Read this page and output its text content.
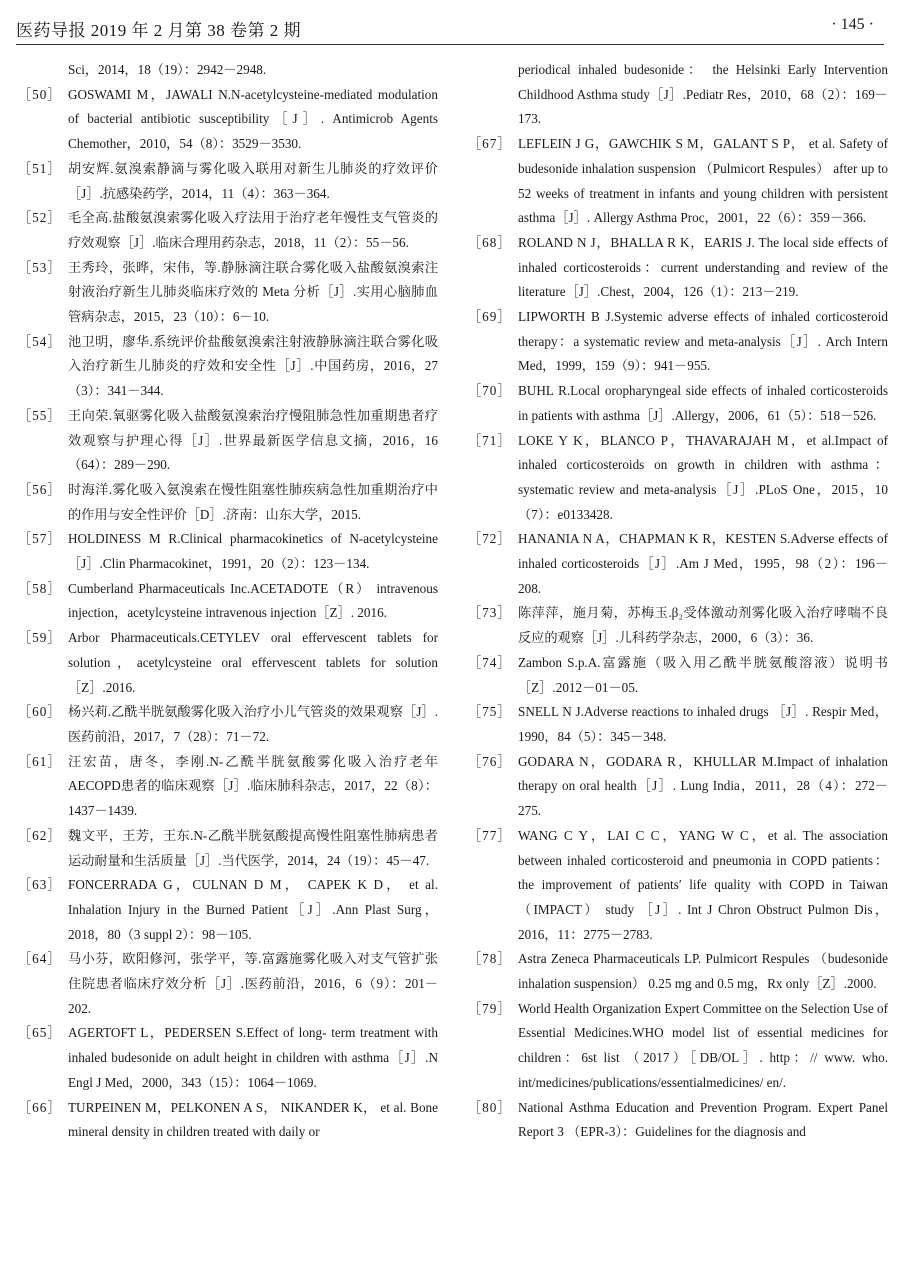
医药导报 2019 年 2 月第 38 卷第 2 期	· 145 ·
Sci，2014，18（19）：2942－2948.
［50］ GOSWAMI M，JAWALI N.N-acetylcysteine-mediated modulation of bacterial antibiotic susceptibility［J］. Antimicrob Agents Chemother，2010，54（8）：3529－3530.
［51］ 胡安辉.氨溴索静滴与雾化吸入联用对新生儿肺炎的疗效评价［J］.抗感染药学，2014，11（4）：363－364.
［52］ 毛全高.盐酸氨溴索雾化吸入疗法用于治疗老年慢性支气管炎的疗效观察［J］.临床合理用药杂志，2018，11（2）：55－56.
［53］ 王秀玲，张晔，宋伟，等.静脉滴注联合雾化吸入盐酸氨溴索注射液治疗新生儿肺炎临床疗效的 Meta 分析［J］.实用心脑肺血管病杂志，2015，23（10）：6－10.
［54］ 池卫明，廖华.系统评价盐酸氨溴索注射液静脉滴注联合雾化吸入治疗新生儿肺炎的疗效和安全性［J］.中国药房，2016，27（3）：341－344.
［55］ 王向荣.氧驱雾化吸入盐酸氨溴索治疗慢阻肺急性加重期患者疗效观察与护理心得［J］.世界最新医学信息文摘，2016，16（64）：289－290.
［56］ 时海洋.雾化吸入氨溴索在慢性阻塞性肺疾病急性加重期治疗中的作用与安全性评价［D］.济南：山东大学，2015.
［57］ HOLDINESS M R.Clinical pharmacokinetics of N-acetylcysteine［J］.Clin Pharmacokinet，1991，20（2）：123－134.
［58］ Cumberland Pharmaceuticals Inc.ACETADOTE（R） intravenous injection，acetylcysteine intravenous injection［Z］. 2016.
［59］ Arbor Pharmaceuticals.CETYLEV oral effervescent tablets for solution，acetylcysteine oral effervescent tablets for solution［Z］.2016.
［60］ 杨兴莉.乙酰半胱氨酸雾化吸入治疗小儿气管炎的效果观察［J］.医药前沿，2017，7（28）：71－72.
［61］ 汪宏苗，唐冬，李刚.N-乙酰半胱氨酸雾化吸入治疗老年AECOPD患者的临床观察［J］.临床肺科杂志，2017，22（8）：1437－1439.
［62］ 魏文平，王芳，王东.N-乙酰半胱氨酸提高慢性阻塞性肺病患者运动耐量和生活质量［J］.当代医学，2014，24（19）：45－47.
［63］ FONCERRADA G，CULNAN D M， CAPEK K D， et al. Inhalation Injury in the Burned Patient［J］.Ann Plast Surg，2018，80（3 suppl 2）：98－105.
［64］ 马小芬，欧阳修河，张学平，等.富露施雾化吸入对支气管扩张住院患者临床疗效分析［J］.医药前沿，2016，6（9）：201－202.
［65］ AGERTOFT L，PEDERSEN S.Effect of long- term treatment with inhaled budesonide on adult height in children with asthma［J］.N Engl J Med，2000，343（15）：1064－1069.
［66］ TURPEINEN M，PELKONEN A S， NIKANDER K， et al. Bone mineral density in children treated with daily or
periodical inhaled budesonide： the Helsinki Early Intervention Childhood Asthma study［J］.Pediatr Res，2010，68（2）：169－173.
［67］ LEFLEIN J G，GAWCHIK S M，GALANT S P， et al. Safety of budesonide inhalation suspension （Pulmicort Respules） after up to 52 weeks of treatment in infants and young children with persistent asthma［J］. Allergy Asthma Proc，2001，22（6）：359－366.
［68］ ROLAND N J，BHALLA R K，EARIS J. The local side effects of inhaled corticosteroids：current understanding and review of the literature［J］.Chest，2004，126（1）：213－219.
［69］ LIPWORTH B J.Systemic adverse effects of inhaled corticosteroid therapy：a systematic review and meta-analysis［J］. Arch Intern Med，1999，159（9）：941－955.
［70］ BUHL R.Local oropharyngeal side effects of inhaled corticosteroids in patients with asthma［J］.Allergy，2006，61（5）：518－526.
［71］ LOKE Y K，BLANCO P，THAVARAJAH M，et al.Impact of inhaled corticosteroids on growth in children with asthma：systematic review and meta-analysis［J］.PLoS One，2015，10（7）：e0133428.
［72］ HANANIA N A，CHAPMAN K R，KESTEN S.Adverse effects of inhaled corticosteroids［J］.Am J Med，1995，98（2）：196－208.
［73］ 陈萍萍，施月菊，苏梅玉.β₂受体激动剂雾化吸入治疗哮喘不良反应的观察［J］.儿科药学杂志，2000，6（3）：36.
［74］ Zambon S.p.A.富露施（吸入用乙酰半胱氨酸溶液）说明书［Z］.2012－01－05.
［75］ SNELL N J.Adverse reactions to inhaled drugs ［J］. Respir Med，1990，84（5）：345－348.
［76］ GODARA N，GODARA R，KHULLAR M.Impact of inhalation therapy on oral health［J］. Lung India，2011，28（4）：272－275.
［77］ WANG C Y，LAI C C，YANG W C，et al. The association between inhaled corticosteroid and pneumonia in COPD patients：the improvement of patients′ life quality with COPD in Taiwan （IMPACT） study ［J］. Int J Chron Obstruct Pulmon Dis，2016，11：2775－2783.
［78］ Astra Zeneca Pharmaceuticals LP. Pulmicort Respules （budesonide inhalation suspension） 0.25 mg and 0.5 mg，Rx only［Z］.2000.
［79］ World Health Organization Expert Committee on the Selection Use of Essential Medicines.WHO model list of essential medicines for children：6st list （2017）［DB/OL］. http：// www. who. int/medicines/publications/essentialmedicines/ en/.
［80］ National Asthma Education and Prevention Program. Expert Panel Report 3 （EPR-3）：Guidelines for the diagnosis and
